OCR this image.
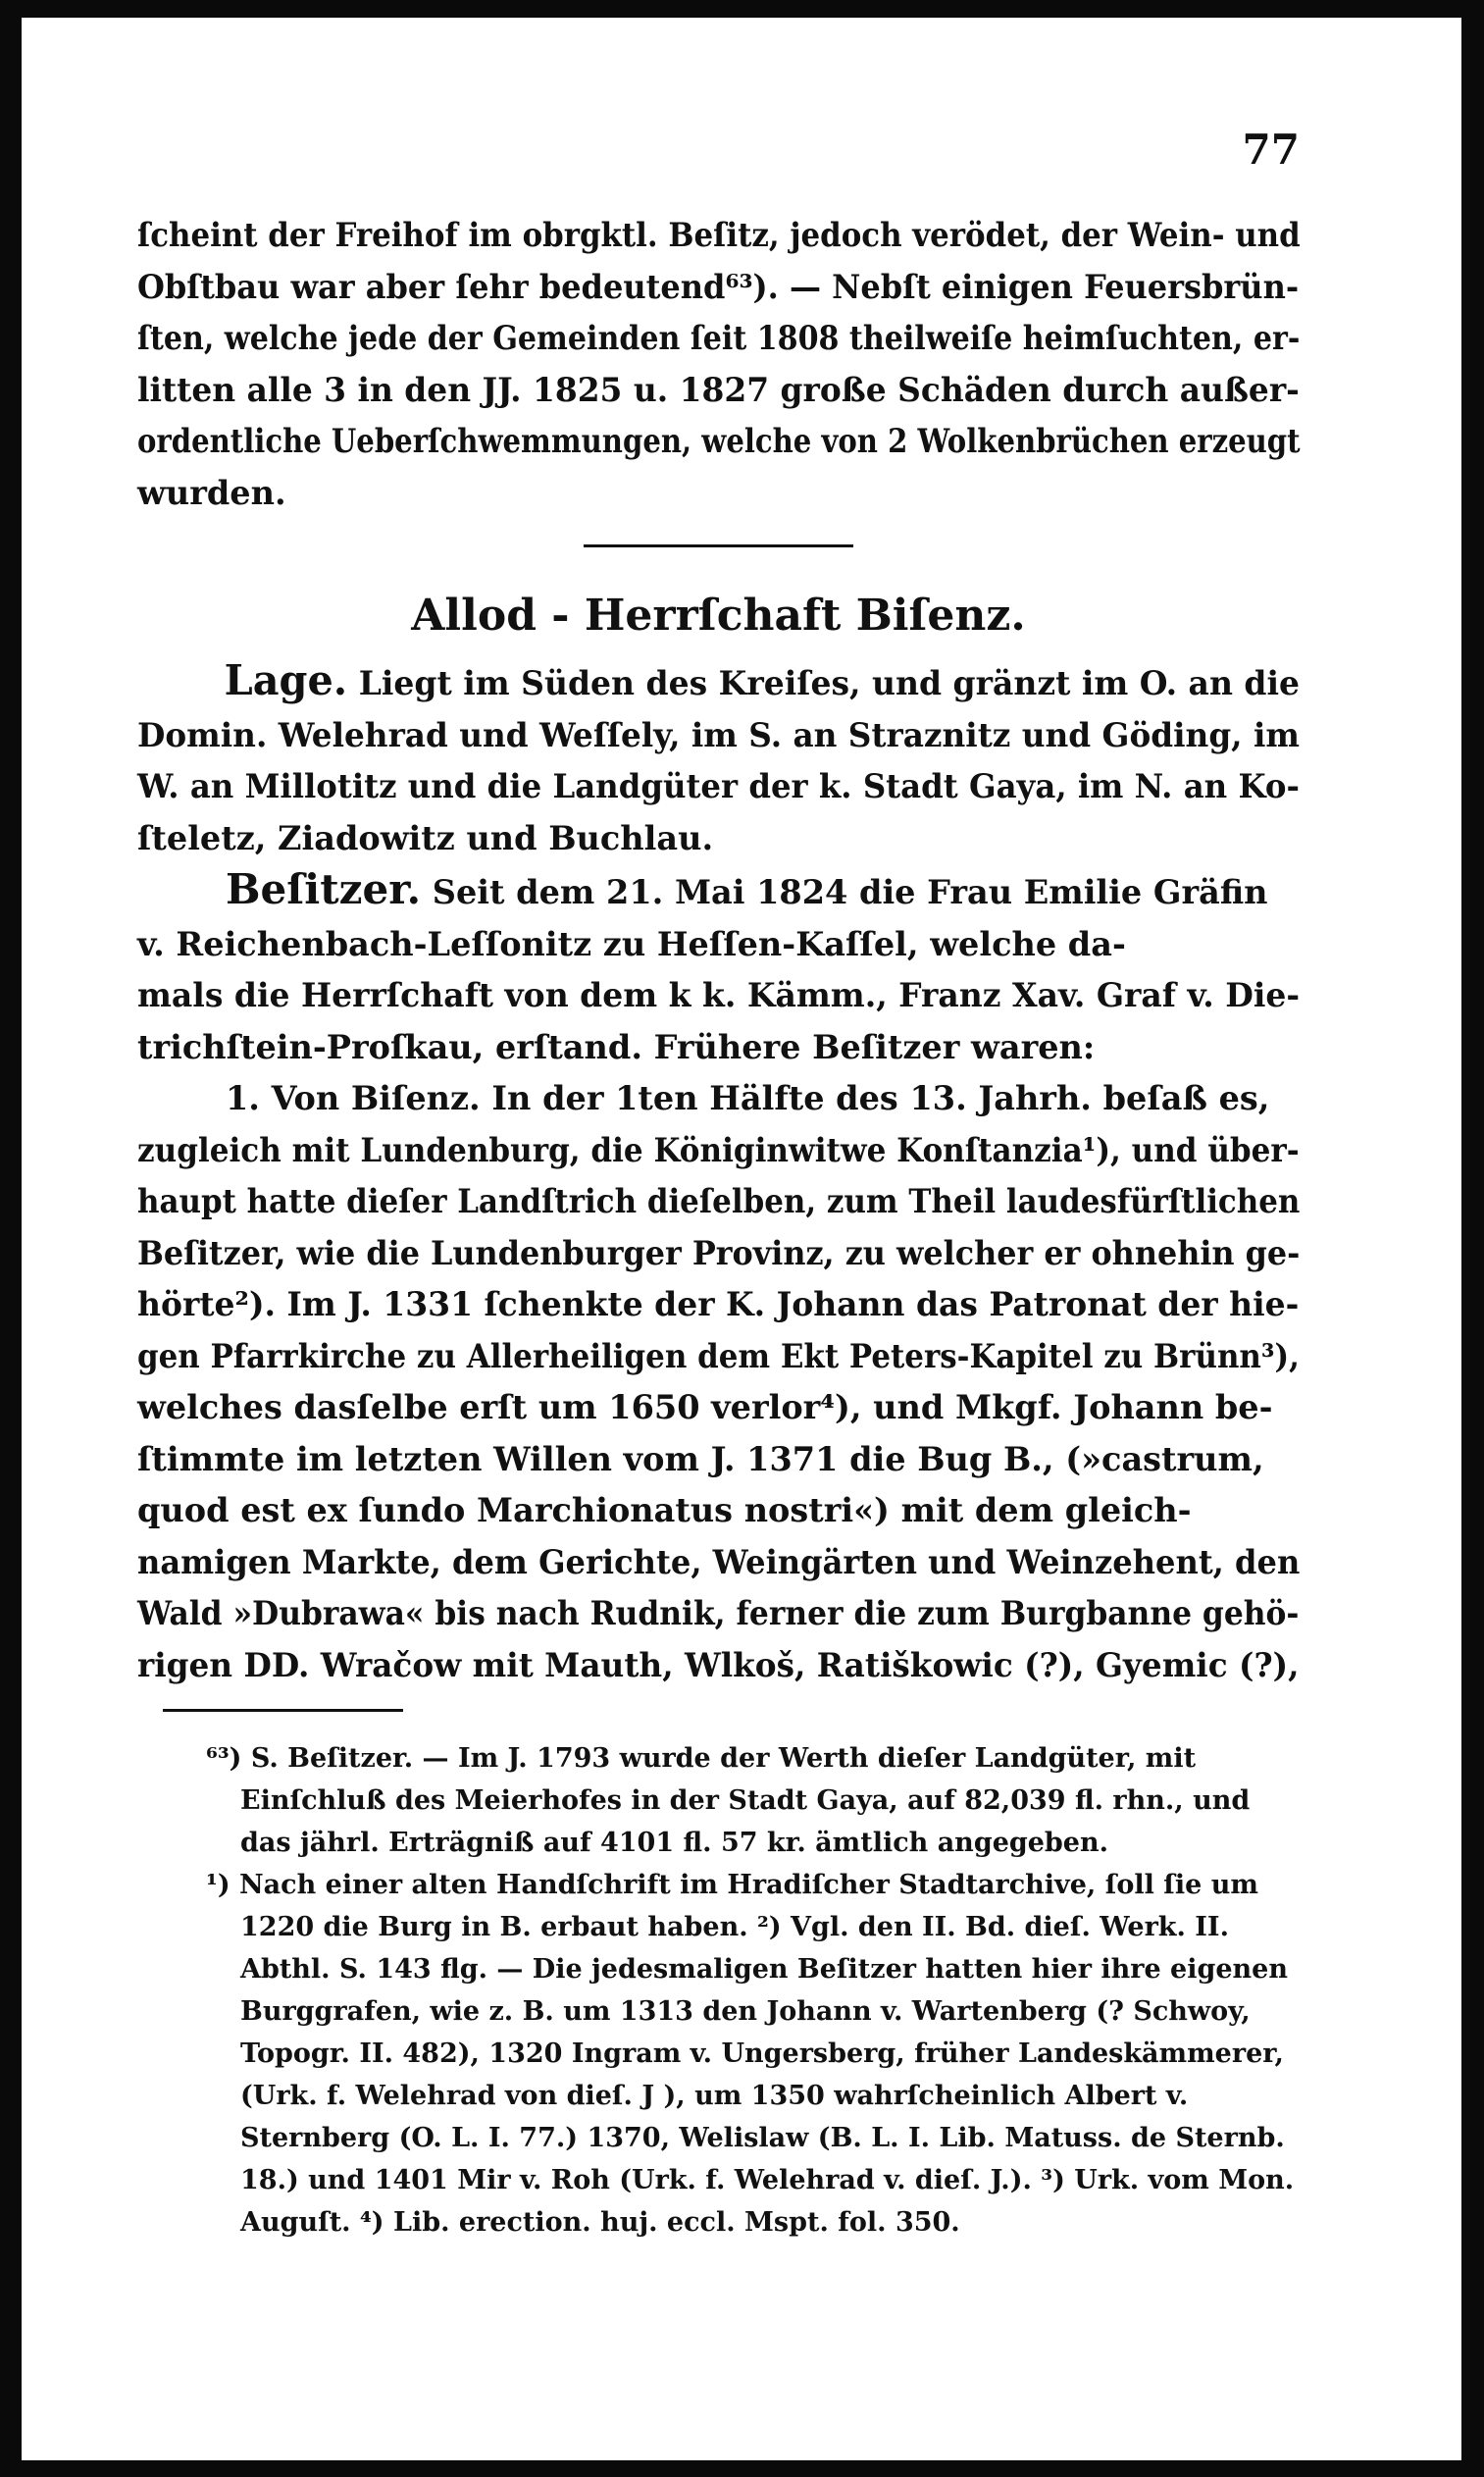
77
ſcheint der Freihof im obrgktl. Beſitz, jedoch verödet, der Wein- und
Obſtbau war aber ſehr bedeutend⁶³). — Nebſt einigen Feuersbrün-
ſten, welche jede der Gemeinden ſeit 1808 theilweiſe heimſuchten, er-
litten alle 3 in den JJ. 1825 u. 1827 große Schäden durch außer-
ordentliche Ueberſchwemmungen, welche von 2 Wolkenbrüchen erzeugt
wurden.
Allod - Herrſchaft Biſenz.
Lage. Liegt im Süden des Kreiſes, und gränzt im O. an die
Domin. Welehrad und Weſſely, im S. an Straznitz und Göding, im
W. an Millotitz und die Landgüter der k. Stadt Gaya, im N. an Ko-
ſteletz, Ziadowitz und Buchlau.
Beſitzer. Seit dem 21. Mai 1824 die Frau Emilie Gräfin
v. Reichenbach-Leſſonitz zu Heſſen-Kaſſel, welche da-
mals die Herrſchaft von dem k k. Kämm., Franz Xav. Graf v. Die-
trichſtein-Proſkau, erſtand. Frühere Beſitzer waren:
1. Von Biſenz. In der 1ten Hälfte des 13. Jahrh. beſaß es,
zugleich mit Lundenburg, die Königinwitwe Konſtanzia¹), und über-
haupt hatte dieſer Landſtrich dieſelben, zum Theil laudesfürſtlichen
Beſitzer, wie die Lundenburger Provinz, zu welcher er ohnehin ge-
hörte²). Im J. 1331 ſchenkte der K. Johann das Patronat der hie-
gen Pfarrkirche zu Allerheiligen dem Ekt Peters-Kapitel zu Brünn³),
welches dasſelbe erſt um 1650 verlor⁴), und Mkgf. Johann be-
ſtimmte im letzten Willen vom J. 1371 die Bug B., (»castrum,
quod est ex ſundo Marchionatus nostri«) mit dem gleich-
namigen Markte, dem Gerichte, Weingärten und Weinzehent, den
Wald »Dubrawa« bis nach Rudnik, ferner die zum Burgbanne gehö-
rigen DD. Wračow mit Mauth, Wlkoš, Ratiškowic (?), Gyemic (?),

⁶³) S. Beſitzer. — Im J. 1793 wurde der Werth dieſer Landgüter, mit Einſchluß des Meierhofes in der Stadt Gaya, auf 82,039 fl. rhn., und das jährl. Erträgniß auf 4101 fl. 57 kr. ämtlich angegeben.

¹) Nach einer alten Handſchrift im Hradiſcher Stadtarchive, ſoll ſie um 1220 die Burg in B. erbaut haben. ²) Vgl. den II. Bd. dieſ. Werk. II. Abthl. S. 143 flg. — Die jedesmaligen Beſitzer hatten hier ihre eigenen Burggrafen, wie z. B. um 1313 den Johann v. Wartenberg (? Schwoy, Topogr. II. 482), 1320 Ingram v. Ungersberg, früher Landeskämmerer, (Urk. f. Welehrad von dieſ. J ), um 1350 wahrſcheinlich Albert v. Sternberg (O. L. I. 77.) 1370, Welislaw (B. L. I. Lib. Matuss. de Sternb. 18.) und 1401 Mir v. Roh (Urk. f. Welehrad v. dieſ. J.). ³) Urk. vom Mon. Auguſt. ⁴) Lib. erection. huj. eccl. Mspt. fol. 350.
